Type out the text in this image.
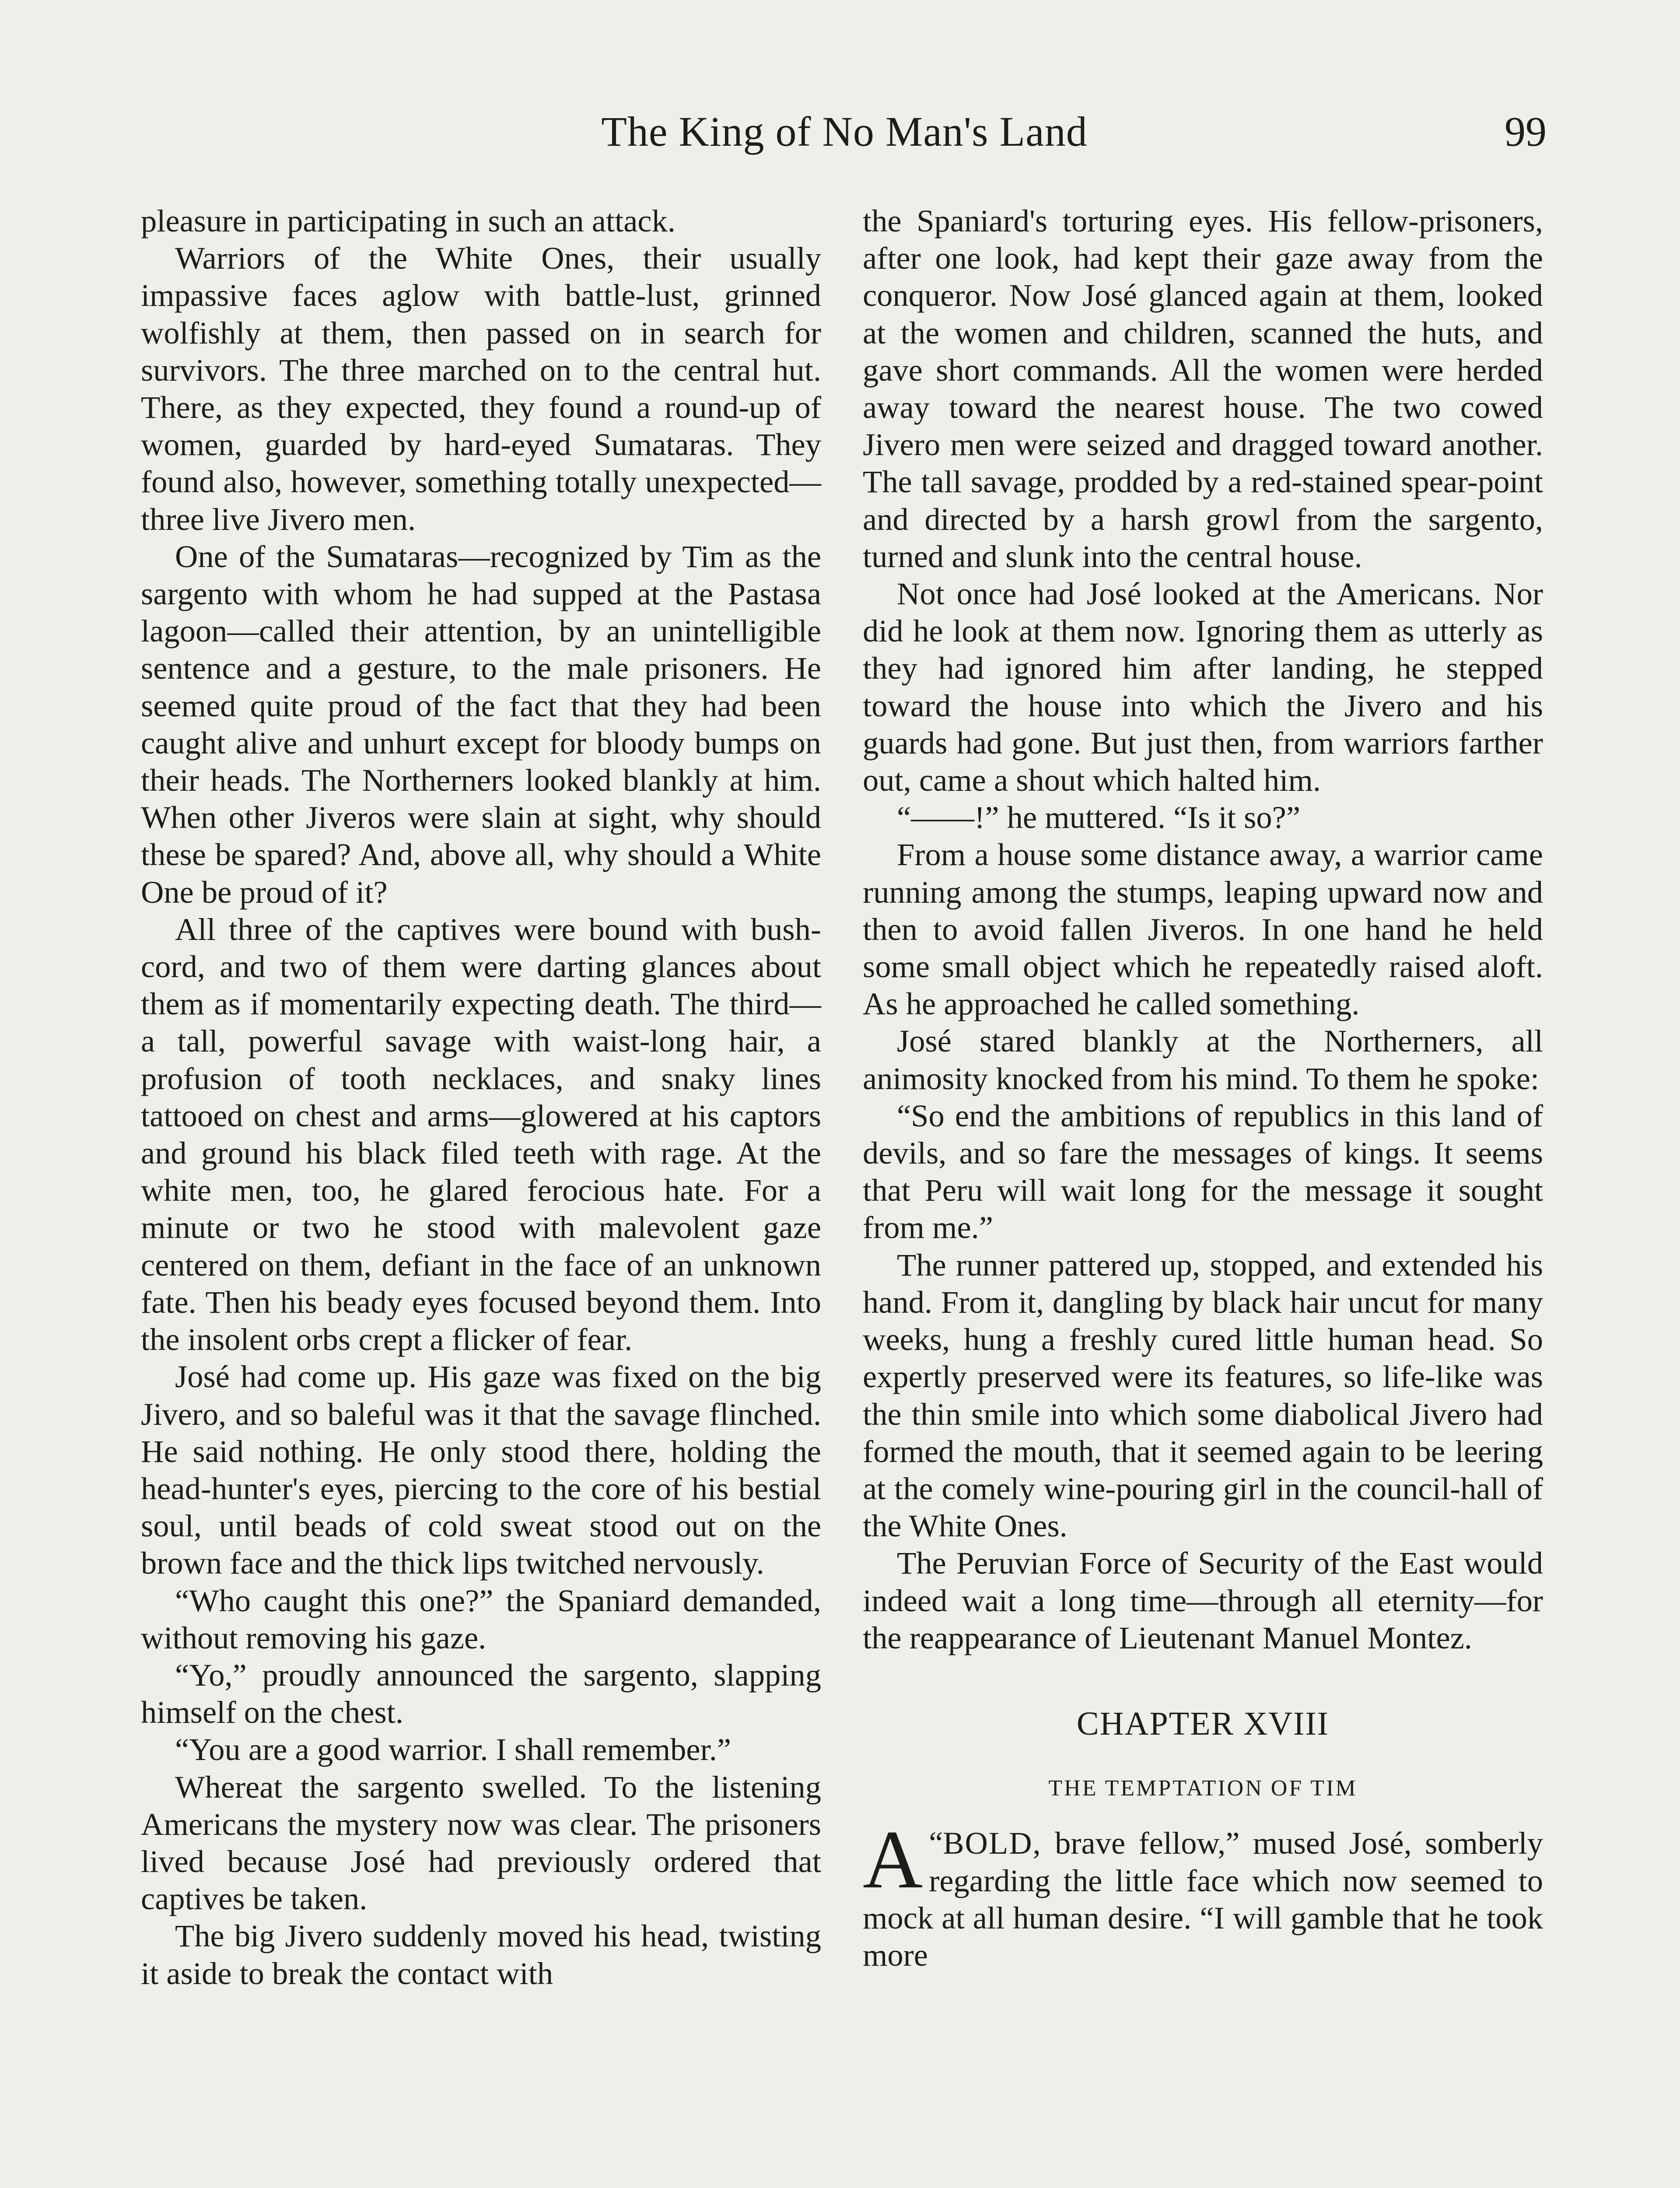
The King of No Man's Land	99

pleasure in participating in such an attack.

Warriors of the White Ones, their usually impassive faces aglow with battle-lust, grinned wolfishly at them, then passed on in search for survivors. The three marched on to the central hut. There, as they expected, they found a round-up of women, guarded by hard-eyed Sumataras. They found also, however, something totally unexpected—three live Jivero men.

One of the Sumataras—recognized by Tim as the sargento with whom he had supped at the Pastasa lagoon—called their attention, by an unintelligible sentence and a gesture, to the male prisoners. He seemed quite proud of the fact that they had been caught alive and unhurt except for bloody bumps on their heads. The Northerners looked blankly at him. When other Jiveros were slain at sight, why should these be spared? And, above all, why should a White One be proud of it?

All three of the captives were bound with bush-cord, and two of them were darting glances about them as if momentarily expecting death. The third—a tall, powerful savage with waist-long hair, a profusion of tooth necklaces, and snaky lines tattooed on chest and arms—glowered at his captors and ground his black filed teeth with rage. At the white men, too, he glared ferocious hate. For a minute or two he stood with malevolent gaze centered on them, defiant in the face of an unknown fate. Then his beady eyes focused beyond them. Into the insolent orbs crept a flicker of fear.

José had come up. His gaze was fixed on the big Jivero, and so baleful was it that the savage flinched. He said nothing. He only stood there, holding the head-hunter's eyes, piercing to the core of his bestial soul, until beads of cold sweat stood out on the brown face and the thick lips twitched nervously.

“Who caught this one?” the Spaniard demanded, without removing his gaze.

“Yo,” proudly announced the sargento, slapping himself on the chest.

“You are a good warrior. I shall remember.”

Whereat the sargento swelled. To the listening Americans the mystery now was clear. The prisoners lived because José had previously ordered that captives be taken.

The big Jivero suddenly moved his head, twisting it aside to break the contact with

the Spaniard's torturing eyes. His fellow-prisoners, after one look, had kept their gaze away from the conqueror. Now José glanced again at them, looked at the women and children, scanned the huts, and gave short commands. All the women were herded away toward the nearest house. The two cowed Jivero men were seized and dragged toward another. The tall savage, prodded by a red-stained spear-point and directed by a harsh growl from the sargento, turned and slunk into the central house.

Not once had José looked at the Americans. Nor did he look at them now. Ignoring them as utterly as they had ignored him after landing, he stepped toward the house into which the Jivero and his guards had gone. But just then, from warriors farther out, came a shout which halted him.

“——!” he muttered. “Is it so?”

From a house some distance away, a warrior came running among the stumps, leaping upward now and then to avoid fallen Jiveros. In one hand he held some small object which he repeatedly raised aloft. As he approached he called something.

José stared blankly at the Northerners, all animosity knocked from his mind. To them he spoke:

“So end the ambitions of republics in this land of devils, and so fare the messages of kings. It seems that Peru will wait long for the message it sought from me.”

The runner pattered up, stopped, and extended his hand. From it, dangling by black hair uncut for many weeks, hung a freshly cured little human head. So expertly preserved were its features, so life-like was the thin smile into which some diabolical Jivero had formed the mouth, that it seemed again to be leering at the comely wine-pouring girl in the council-hall of the White Ones.

The Peruvian Force of Security of the East would indeed wait a long time—through all eternity—for the reappearance of Lieutenant Manuel Montez.

CHAPTER XVIII
THE TEMPTATION OF TIM

“
A BOLD, brave fellow,” mused José, somberly regarding the little face which now seemed to mock at all human desire. “I will gamble that he took more
